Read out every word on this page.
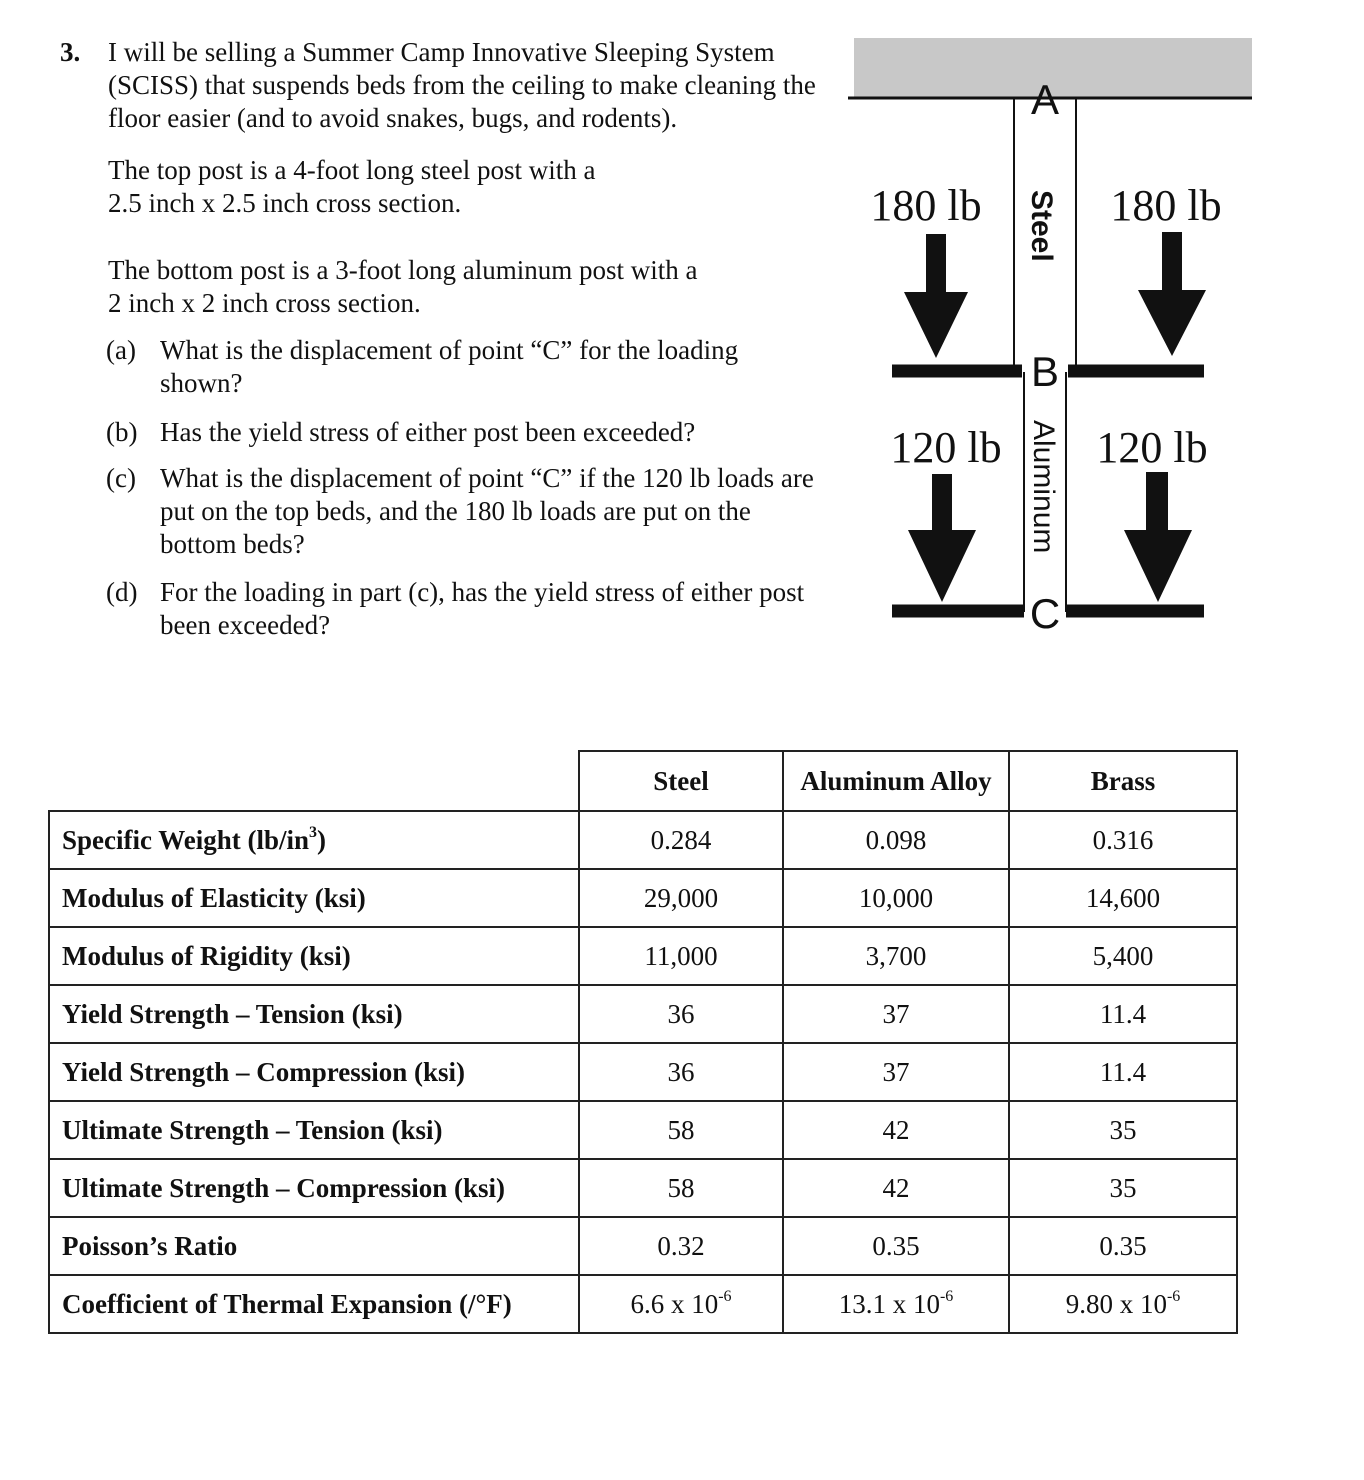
3. I will be selling a Summer Camp Innovative Sleeping System (SCISS) that suspends beds from the ceiling to make cleaning the floor easier (and to avoid snakes, bugs, and rodents).
The top post is a 4-foot long steel post with a
2.5 inch x 2.5 inch cross section.
The bottom post is a 3-foot long aluminum post with a
2 inch x 2 inch cross section.
(a) What is the displacement of point “C” for the loading shown?
(b) Has the yield stress of either post been exceeded?
(c) What is the displacement of point “C” if the 120 lb loads are put on the top beds, and the 180 lb loads are put on the bottom beds?
(d) For the loading in part (c), has the yield stress of either post been exceeded?
A
B
C
Steel
Aluminum
180 lb	180 lb
120 lb 120 lb
	Steel	Aluminum Alloy	Brass
Specific Weight $(lb/in^3)$	0.284	0.098	0.316
Modulus of Elasticity (ksi)	29,000	10,000	14,600
Modulus of Rigidity (ksi)	11,000	3,700	5,400
Yield Strength – Tension (ksi)	36	37	11.4
Yield Strength – Compression (ksi)	36	37	11.4
Ultimate Strength – Tension (ksi)	58	42	35
Ultimate Strength – Compression (ksi)	58	42	35
Poisson’s Ratio	0.32	0.35	0.35
Coefficient of Thermal Expansion (/°F)	6.6 x $10^{-6}$	13.1 x $10^{-6}$	9.80 x $10^{-6}$
